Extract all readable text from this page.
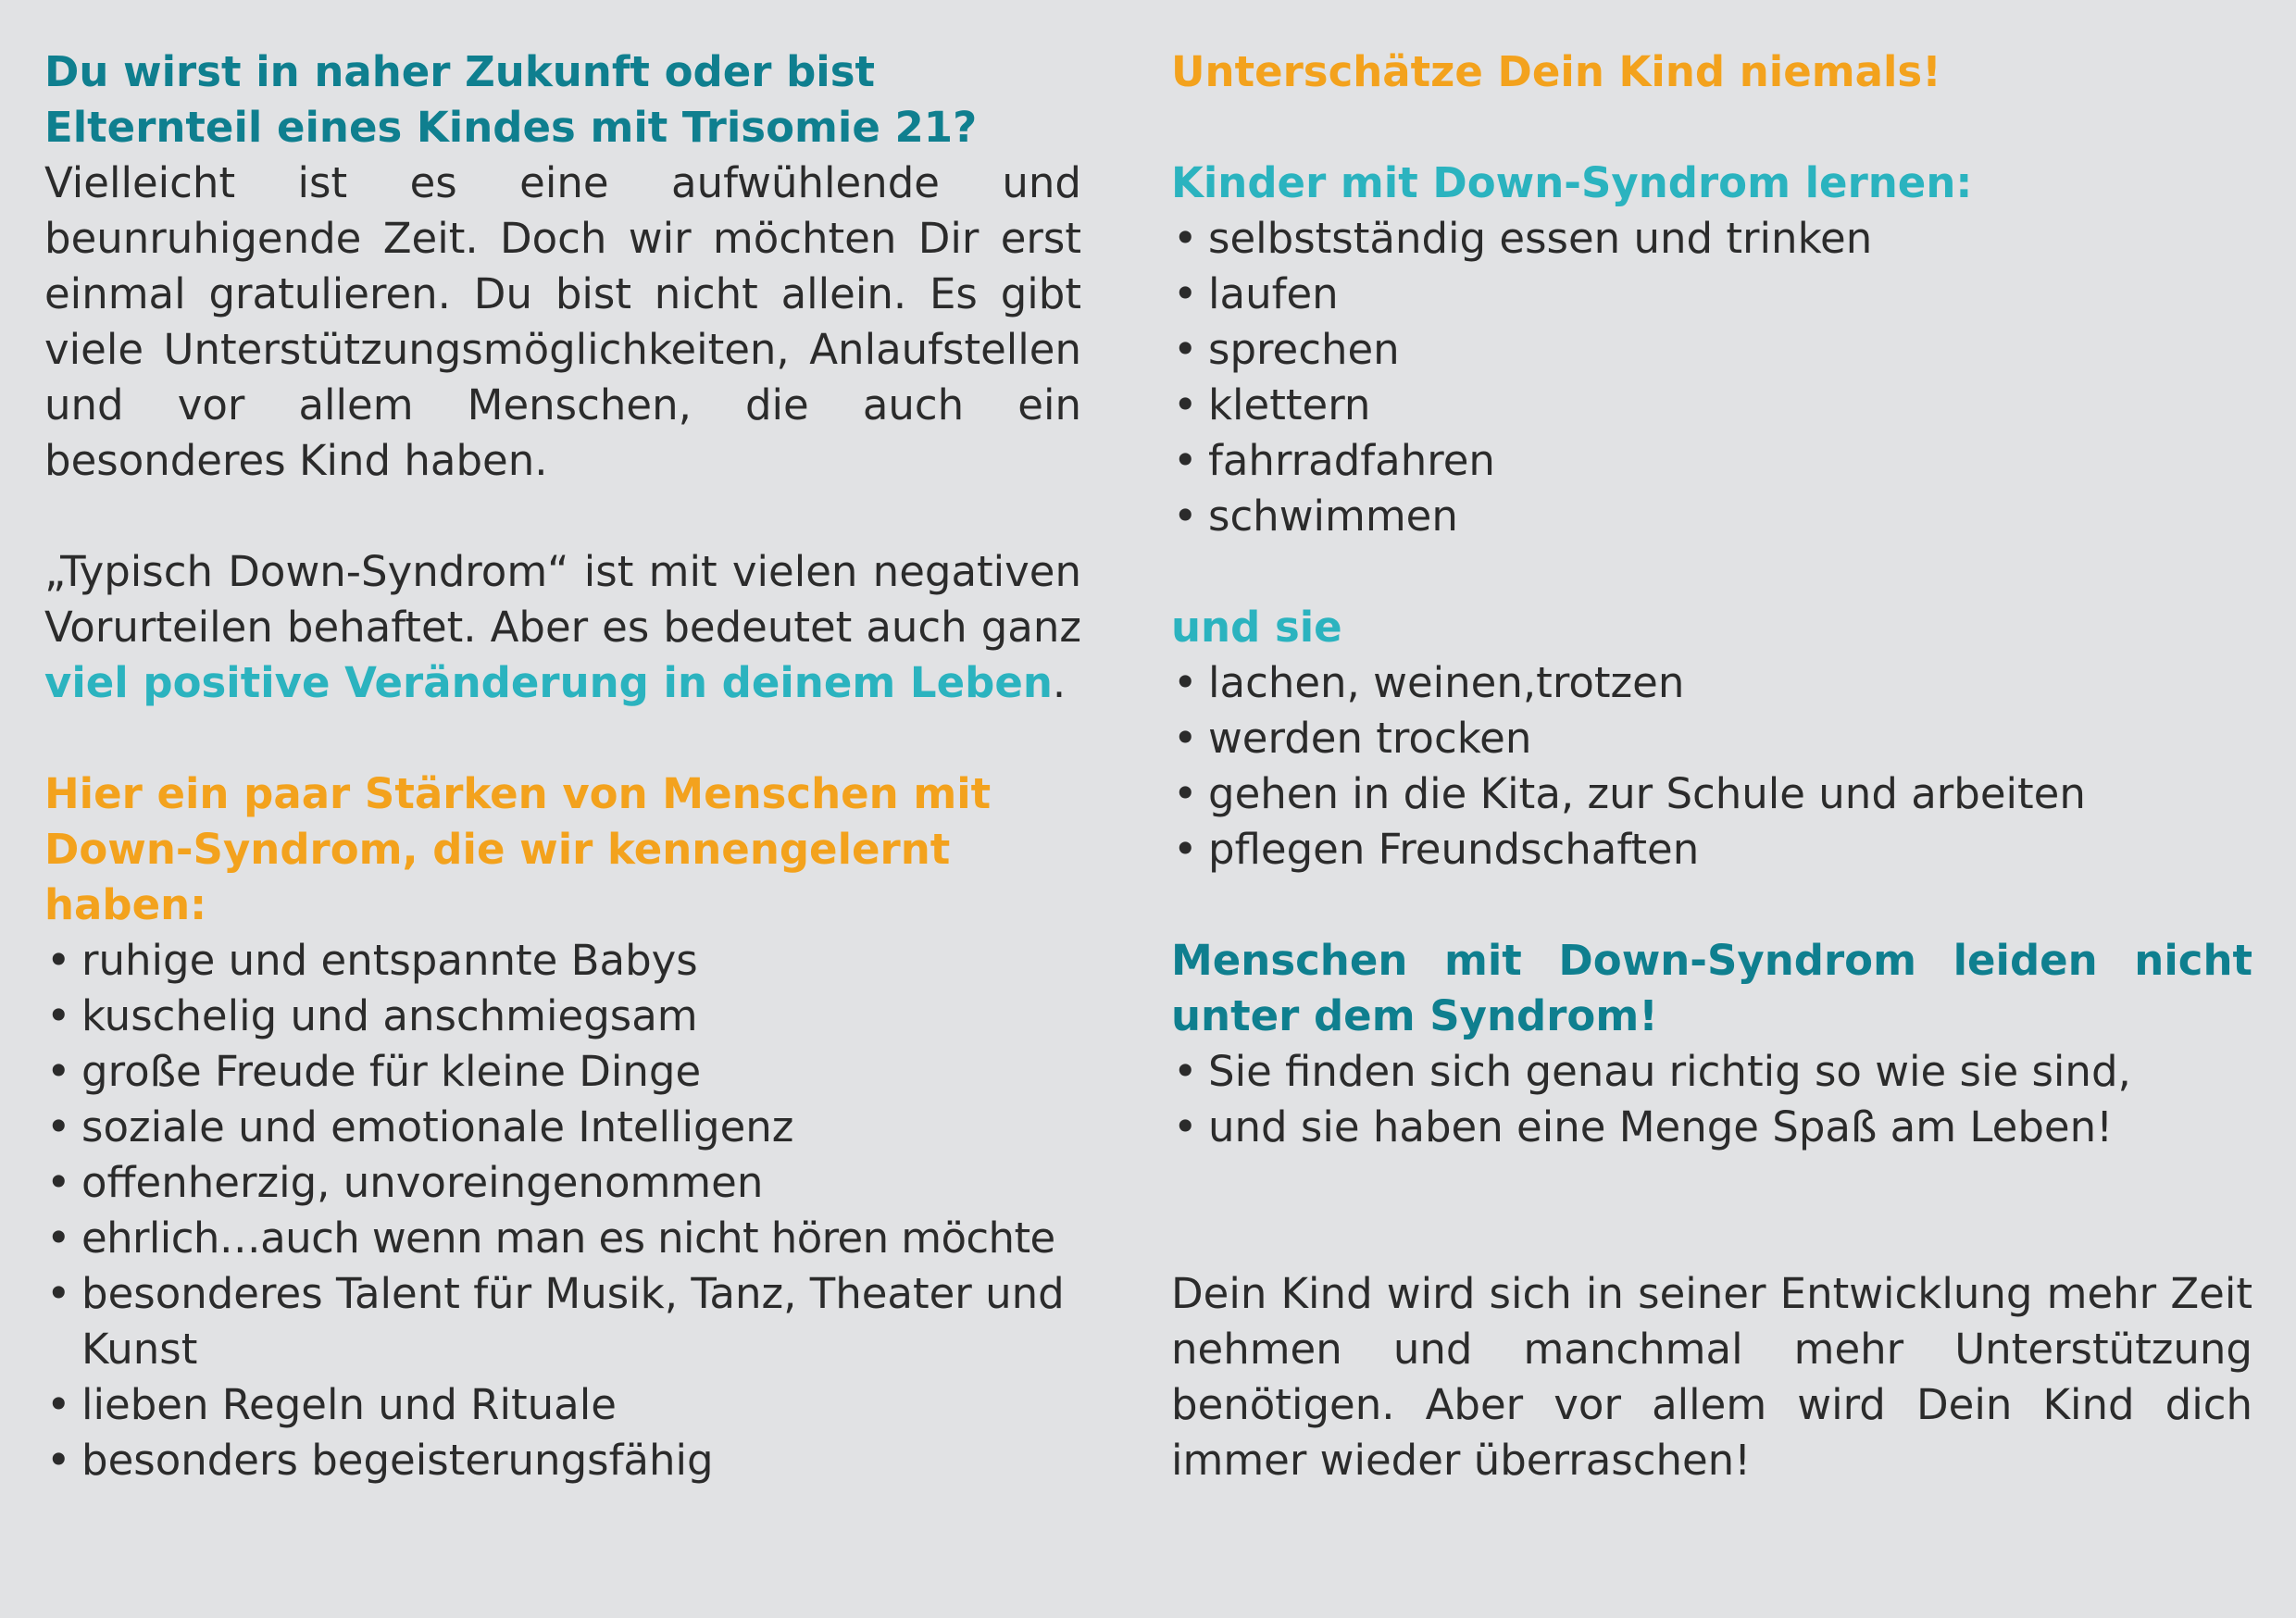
Du wirst in naher Zukunft oder bist Elternteil eines Kindes mit Trisomie 21?

Vielleicht ist es eine aufwühlende und beunruhigende Zeit. Doch wir möchten Dir erst einmal gratulieren. Du bist nicht allein. Es gibt viele Unterstützungsmöglichkeiten, Anlaufstellen und vor allem Menschen, die auch ein besonderes Kind haben.

„Typisch Down-Syndrom“ ist mit vielen negativen Vorurteilen behaftet. Aber es bedeutet auch ganz viel positive Veränderung in deinem Leben.

Hier ein paar Stärken von Menschen mit Down-Syndrom, die wir kennengelernt haben:
• ruhige und entspannte Babys
• kuschelig und anschmiegsam
• große Freude für kleine Dinge
• soziale und emotionale Intelligenz
• offenherzig, unvoreingenommen
• ehrlich…auch wenn man es nicht hören möchte
• besonderes Talent für Musik, Tanz, Theater und Kunst
• lieben Regeln und Rituale
• besonders begeisterungsfähig
Unterschätze Dein Kind niemals!
Kinder mit Down-Syndrom lernen:
• selbstständig essen und trinken
• laufen
• sprechen
• klettern
• fahrradfahren
• schwimmen
und sie
• lachen, weinen,trotzen
• werden trocken
• gehen in die Kita, zur Schule und arbeiten
• pflegen Freundschaften
Menschen mit Down-Syndrom leiden nicht unter dem Syndrom!
• Sie finden sich genau richtig so wie sie sind,
• und sie haben eine Menge Spaß am Leben!

Dein Kind wird sich in seiner Entwicklung mehr Zeit nehmen und manchmal mehr Unterstützung benötigen. Aber vor allem wird Dein Kind dich immer wieder überraschen!
